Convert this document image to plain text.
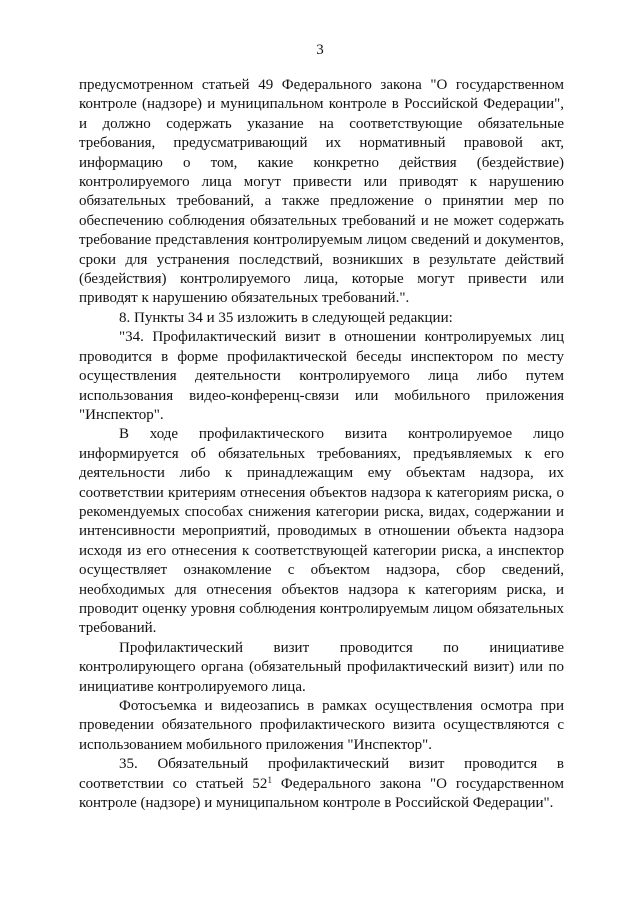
3

предусмотренном статьей 49 Федерального закона "О государственном контроле (надзоре) и муниципальном контроле в Российской Федерации", и должно содержать указание на соответствующие обязательные требования, предусматривающий их нормативный правовой акт, информацию о том, какие конкретно действия (бездействие) контролируемого лица могут привести или приводят к нарушению обязательных требований, а также предложение о принятии мер по обеспечению соблюдения обязательных требований и не может содержать требование представления контролируемым лицом сведений и документов, сроки для устранения последствий, возникших в результате действий (бездействия) контролируемого лица, которые могут привести или приводят к нарушению обязательных требований.".

8. Пункты 34 и 35 изложить в следующей редакции:

"34. Профилактический визит в отношении контролируемых лиц проводится в форме профилактической беседы инспектором по месту осуществления деятельности контролируемого лица либо путем использования видео-конференц-связи или мобильного приложения "Инспектор".

В ходе профилактического визита контролируемое лицо информируется об обязательных требованиях, предъявляемых к его деятельности либо к принадлежащим ему объектам надзора, их соответствии критериям отнесения объектов надзора к категориям риска, о рекомендуемых способах снижения категории риска, видах, содержании и интенсивности мероприятий, проводимых в отношении объекта надзора исходя из его отнесения к соответствующей категории риска, а инспектор осуществляет ознакомление с объектом надзора, сбор сведений, необходимых для отнесения объектов надзора к категориям риска, и проводит оценку уровня соблюдения контролируемым лицом обязательных требований.

Профилактический визит проводится по инициативе контролирующего органа (обязательный профилактический визит) или по инициативе контролируемого лица.

Фотосъемка и видеозапись в рамках осуществления осмотра при проведении обязательного профилактического визита осуществляются с использованием мобильного приложения "Инспектор".

35. Обязательный профилактический визит проводится в соответствии со статьей $52^1$ Федерального закона "О государственном контроле (надзоре) и муниципальном контроле в Российской Федерации".
